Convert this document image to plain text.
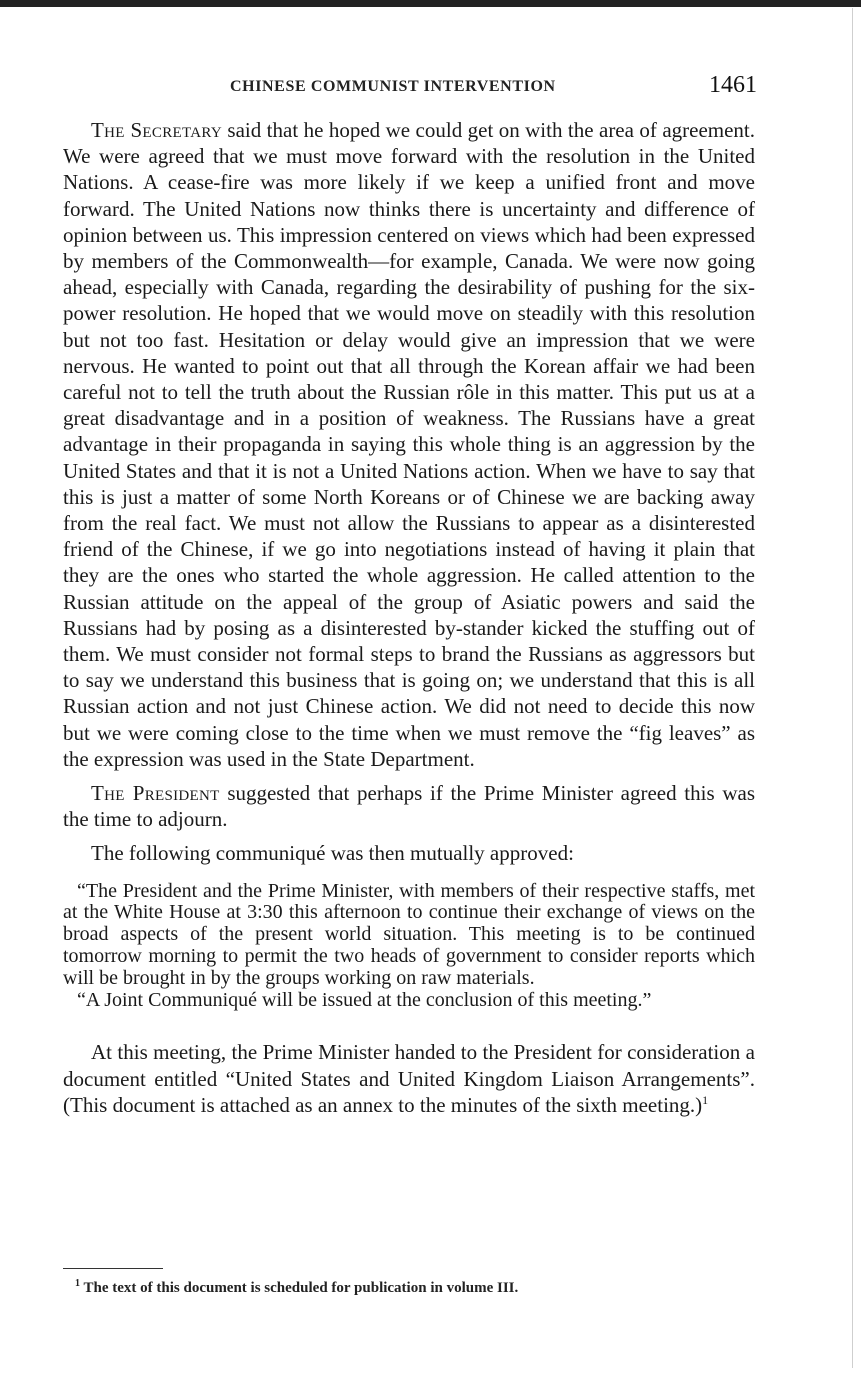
CHINESE COMMUNIST INTERVENTION	1461

The Secretary said that he hoped we could get on with the area of agreement. We were agreed that we must move forward with the resolution in the United Nations. A cease-fire was more likely if we keep a unified front and move forward. The United Nations now thinks there is uncertainty and difference of opinion between us. This impression centered on views which had been expressed by members of the Commonwealth—for example, Canada. We were now going ahead, especially with Canada, regarding the desirability of pushing for the six-power resolution. He hoped that we would move on steadily with this resolution but not too fast. Hesitation or delay would give an impression that we were nervous. He wanted to point out that all through the Korean affair we had been careful not to tell the truth about the Russian rôle in this matter. This put us at a great disadvantage and in a position of weakness. The Russians have a great advantage in their propaganda in saying this whole thing is an aggression by the United States and that it is not a United Nations action. When we have to say that this is just a matter of some North Koreans or of Chinese we are backing away from the real fact. We must not allow the Russians to appear as a disinterested friend of the Chinese, if we go into negotiations instead of having it plain that they are the ones who started the whole aggression. He called attention to the Russian attitude on the appeal of the group of Asiatic powers and said the Russians had by posing as a disinterested by-stander kicked the stuffing out of them. We must consider not formal steps to brand the Russians as aggressors but to say we understand this business that is going on; we understand that this is all Russian action and not just Chinese action. We did not need to decide this now but we were coming close to the time when we must remove the “fig leaves” as the expression was used in the State Department.

The President suggested that perhaps if the Prime Minister agreed this was the time to adjourn.

The following communiqué was then mutually approved:

“The President and the Prime Minister, with members of their respective staffs, met at the White House at 3:30 this afternoon to continue their exchange of views on the broad aspects of the present world situation. This meeting is to be continued tomorrow morning to permit the two heads of government to consider reports which will be brought in by the groups working on raw materials.

“A Joint Communiqué will be issued at the conclusion of this meeting.”

At this meeting, the Prime Minister handed to the President for consideration a document entitled “United States and United Kingdom Liaison Arrangements”. (This document is attached as an annex to the minutes of the sixth meeting.)$^1$

$^1$ The text of this document is scheduled for publication in volume III.
